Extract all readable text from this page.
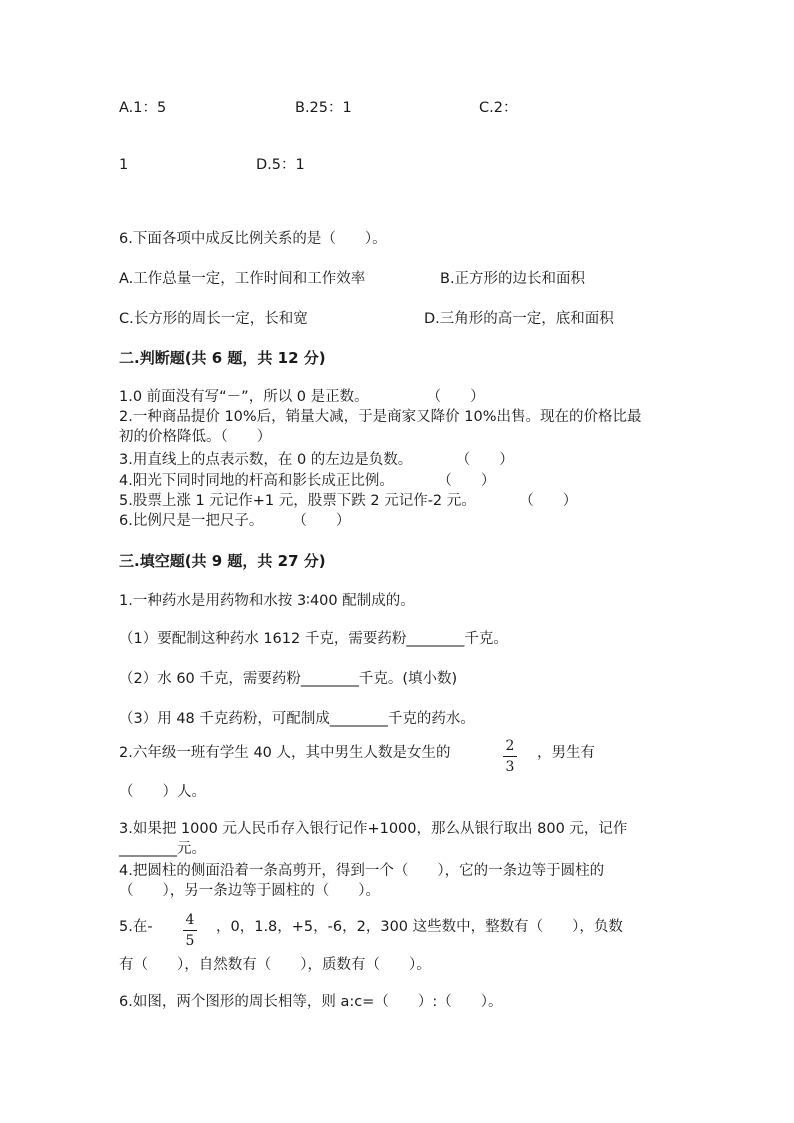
A.1：5	B.25：1	C.2：
1	D.5：1
6.下面各项中成反比例关系的是（　　）。
A.工作总量一定，工作时间和工作效率	B.正方形的边长和面积
C.长方形的周长一定，长和宽	D.三角形的高一定，底和面积
二.判断题(共 6 题，共 12 分)
1.0 前面没有写“－”，所以 0 是正数。　　　　　（　　）
2.一种商品提价 10%后，销量大减，于是商家又降价 10%出售。现在的价格比最
初的价格降低。（　　）
3.用直线上的点表示数，在 0 的左边是负数。　　　　（　　）
4.阳光下同时同地的杆高和影长成正比例。　　　　（　　）
5.股票上涨 1 元记作+1 元，股票下跌 2 元记作-2 元。　　　　（　　）
6.比例尺是一把尺子。　　　（　　）
三.填空题(共 9 题，共 27 分)
1.一种药水是用药物和水按 3∶400 配制成的。
（1）要配制这种药水 1612 千克，需要药粉________千克。
（2）水 60 千克，需要药粉________千克。(填小数)
（3）用 48 千克药粉，可配制成________千克的药水。
2.六年级一班有学生 40 人，其中男生人数是女生的	2
3
，男生有
（　　）人。
3.如果把 1000 元人民币存入银行记作+1000，那么从银行取出 800 元，记作
________元。
4.把圆柱的侧面沿着一条高剪开，得到一个（　　），它的一条边等于圆柱的
（　　），另一条边等于圆柱的（　　）。
5.在-	4
5
，0，1.8，+5，-6，2，300 这些数中，整数有（　　），负数
有（　　），自然数有（　　），质数有（　　）。
6.如图，两个图形的周长相等，则 a:c=（　　）:（　　）。
